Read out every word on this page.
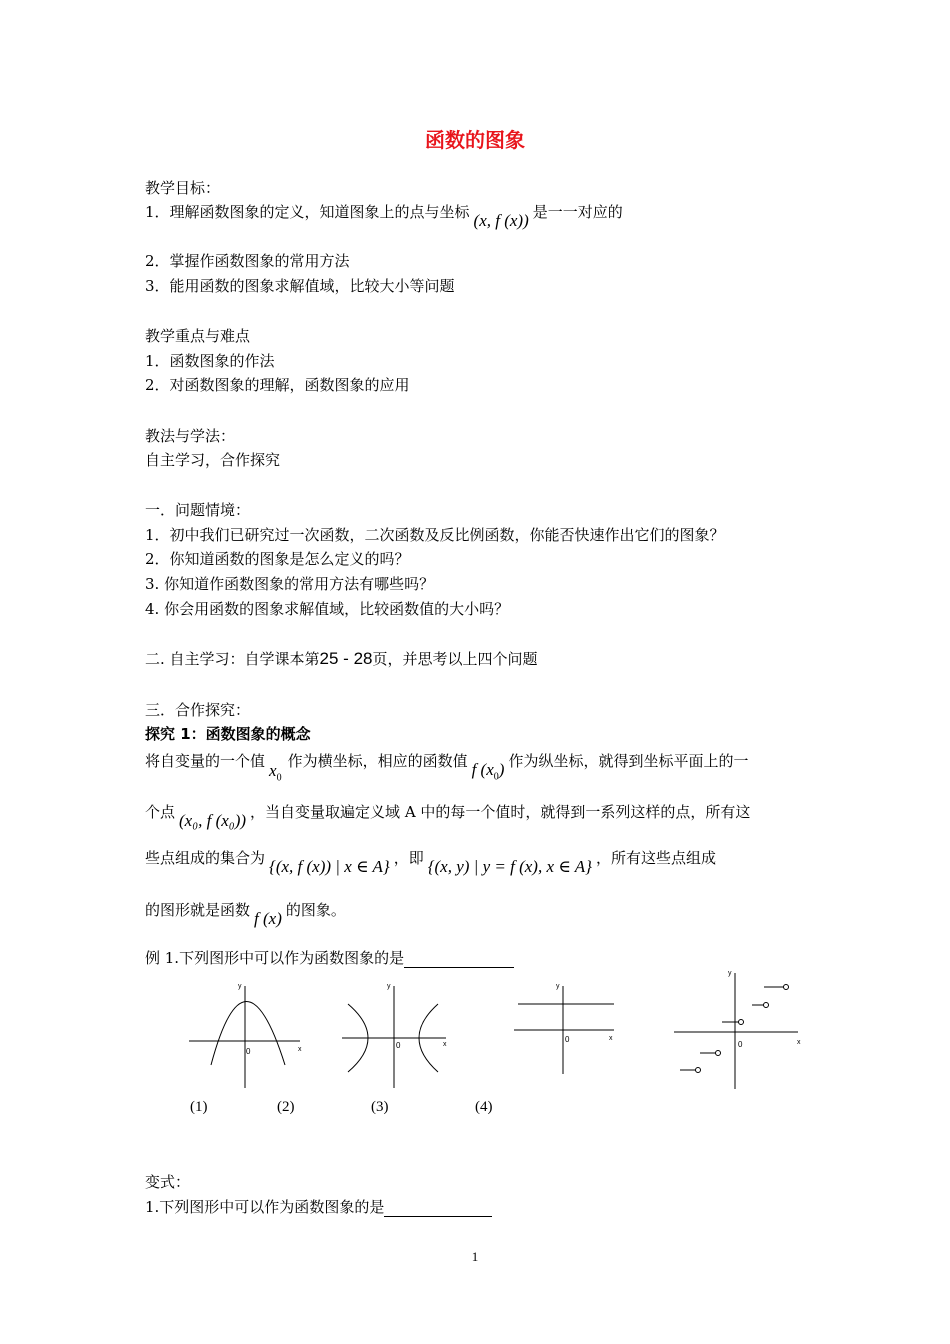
函数的图象
教学目标：
1．理解函数图象的定义，知道图象上的点与坐标 (x, f (x)) 是一一对应的
2．掌握作函数图象的常用方法
3．能用函数的图象求解值域，比较大小等问题
教学重点与难点
1．函数图象的作法
2．对函数图象的理解，函数图象的应用
教法与学法：
自主学习，合作探究
一．问题情境：
1．初中我们已研究过一次函数，二次函数及反比例函数，你能否快速作出它们的图象？
2．你知道函数的图象是怎么定义的吗？
3. 你知道作函数图象的常用方法有哪些吗？
4. 你会用函数的图象求解值域，比较函数值的大小吗？
二. 自主学习：自学课本第25 - 28页，并思考以上四个问题
三．合作探究：
探究 1：函数图象的概念
将自变量的一个值 $x_0$作为横坐标，相应的函数值 f $(x_0)$ 作为纵坐标，就得到坐标平面上的一
个点 (x₀, f (x₀)) ，当自变量取遍定义域 A 中的每一个值时，就得到一系列这样的点，所有这
些点组成的集合为 {(x, f (x)) | x ∈ A} ，即 {(x, y) | y = f (x), x ∈ A} ，所有这些点组成
的图形就是函数 f (x) 的图象。
例 1.下列图形中可以作为函数图象的是
y
x
0
y
x
0
y
x
0
y
x
0
(1)	(2)	(3)	(4)
变式：
1.下列图形中可以作为函数图象的是
1
